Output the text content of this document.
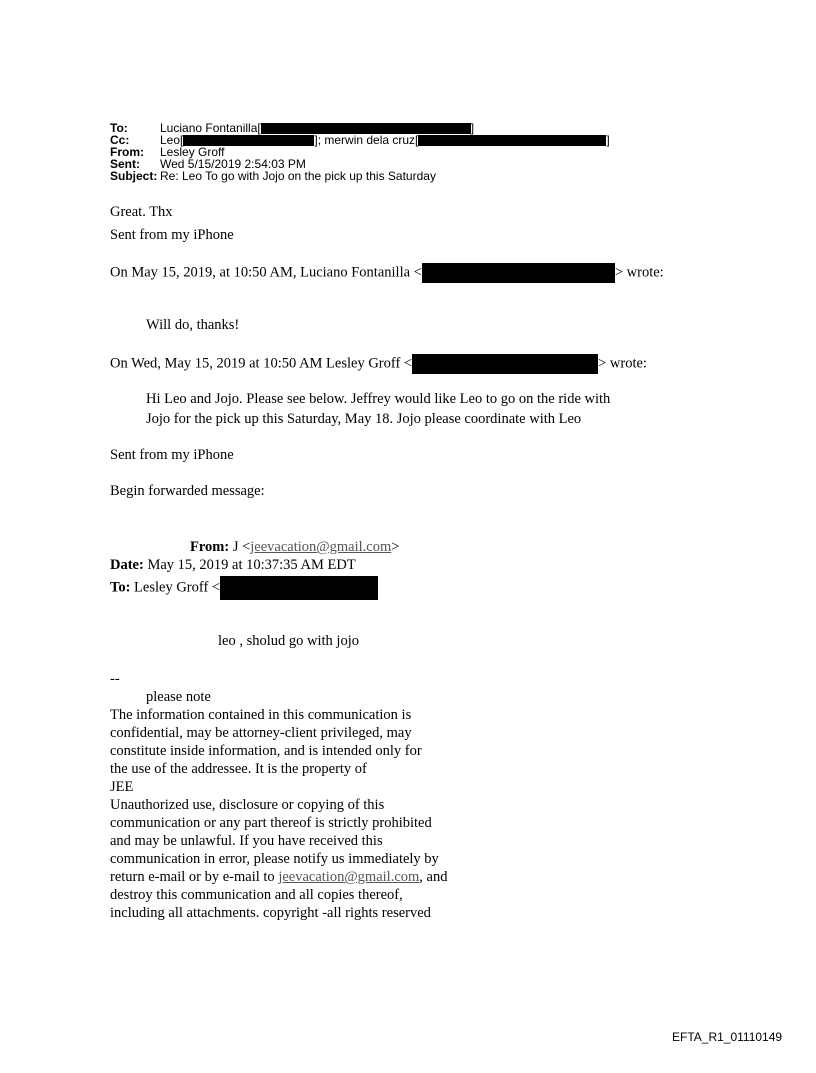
To:	Luciano Fontanilla[	]
Cc:	Leo[	]; merwin dela cruz[	]
From: Lesley Groff
Sent: Wed 5/15/2019 2:54:03 PM
Subject: Re: Leo To go with Jojo on the pick up this Saturday
Great. Thx
Sent from my iPhone
On May 15, 2019, at 10:50 AM, Luciano Fontanilla <	> wrote:
Will do, thanks!
On Wed, May 15, 2019 at 10:50 AM Lesley Groff <	> wrote:
Hi Leo and Jojo. Please see below. Jeffrey would like Leo to go on the ride with
Jojo for the pick up this Saturday, May 18. Jojo please coordinate with Leo
Sent from my iPhone
Begin forwarded message:
From: J <jeevacation@gmail.com>
Date: May 15, 2019 at 10:37:35 AM EDT
To: Lesley Groff <
leo , sholud go with jojo
--
please note
The information contained in this communication is
confidential, may be attorney-client privileged, may
constitute inside information, and is intended only for
the use of the addressee. It is the property of
JEE
Unauthorized use, disclosure or copying of this
communication or any part thereof is strictly prohibited
and may be unlawful. If you have received this
communication in error, please notify us immediately by
return e-mail or by e-mail to jeevacation@gmail.com, and
destroy this communication and all copies thereof,
including all attachments. copyright -all rights reserved
EFTA_R1_01110149
